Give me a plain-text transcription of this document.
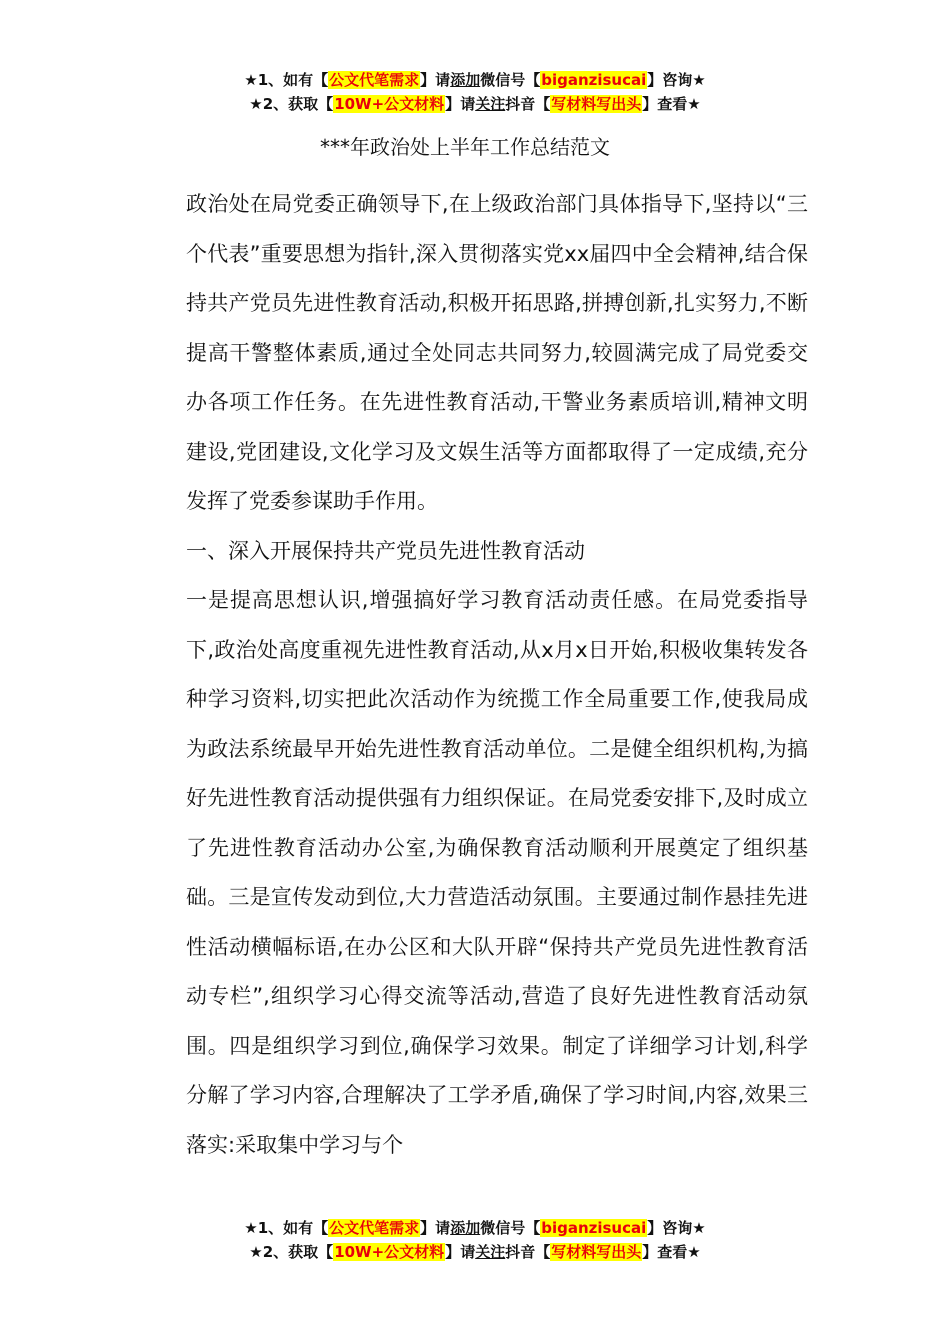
★1、如有【公文代笔需求】请添加微信号【biganzisucai】咨询★
★2、获取【10W+公文材料】请关注抖音【写材料写出头】查看★
***年政治处上半年工作总结范文

政治处在局党委正确领导下,在上级政治部门具体指导下,坚持以“三个代表”重要思想为指针,深入贯彻落实党xx届四中全会精神,结合保持共产党员先进性教育活动,积极开拓思路,拼搏创新,扎实努力,不断提高干警整体素质,通过全处同志共同努力,较圆满完成了局党委交办各项工作任务。在先进性教育活动,干警业务素质培训,精神文明建设,党团建设,文化学习及文娱生活等方面都取得了一定成绩,充分发挥了党委参谋助手作用。

一、深入开展保持共产党员先进性教育活动

一是提高思想认识,增强搞好学习教育活动责任感。在局党委指导下,政治处高度重视先进性教育活动,从x月x日开始,积极收集转发各种学习资料,切实把此次活动作为统揽工作全局重要工作,使我局成为政法系统最早开始先进性教育活动单位。二是健全组织机构,为搞好先进性教育活动提供强有力组织保证。在局党委安排下,及时成立了先进性教育活动办公室,为确保教育活动顺利开展奠定了组织基础。三是宣传发动到位,大力营造活动氛围。主要通过制作悬挂先进性活动横幅标语,在办公区和大队开辟“保持共产党员先进性教育活动专栏”,组织学习心得交流等活动,营造了良好先进性教育活动氛围。四是组织学习到位,确保学习效果。制定了详细学习计划,科学分解了学习内容,合理解决了工学矛盾,确保了学习时间,内容,效果三落实:采取集中学习与个

★1、如有【公文代笔需求】请添加微信号【biganzisucai】咨询★
★2、获取【10W+公文材料】请关注抖音【写材料写出头】查看★
